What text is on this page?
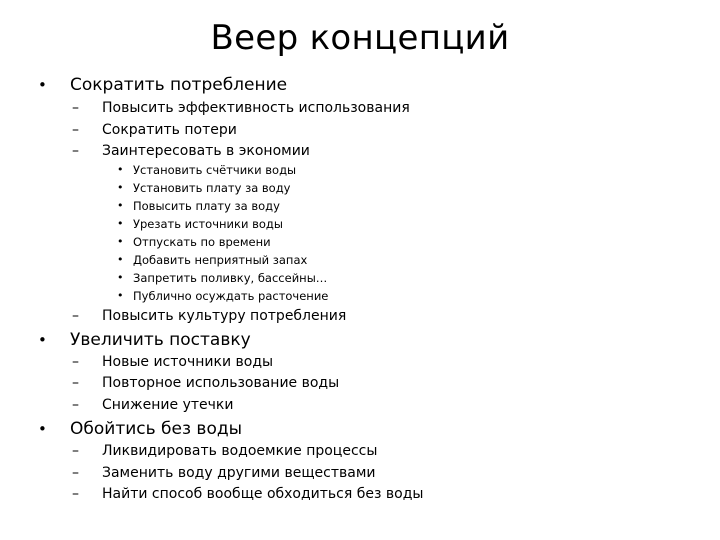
Веер концепций
• Сократить потребление
– Повысить эффективность использования
– Сократить потери
– Заинтересовать в экономии
• Установить счётчики воды
• Установить плату за воду
• Повысить плату за воду
• Урезать источники воды
• Отпускать по времени
• Добавить неприятный запах
• Запретить поливку, бассейны…
• Публично осуждать расточение
– Повысить культуру потребления
• Увеличить поставку
– Новые источники воды
– Повторное использование воды
– Снижение утечки
• Обойтись без воды
– Ликвидировать водоемкие процессы
– Заменить воду другими веществами
– Найти способ вообще обходиться без воды
